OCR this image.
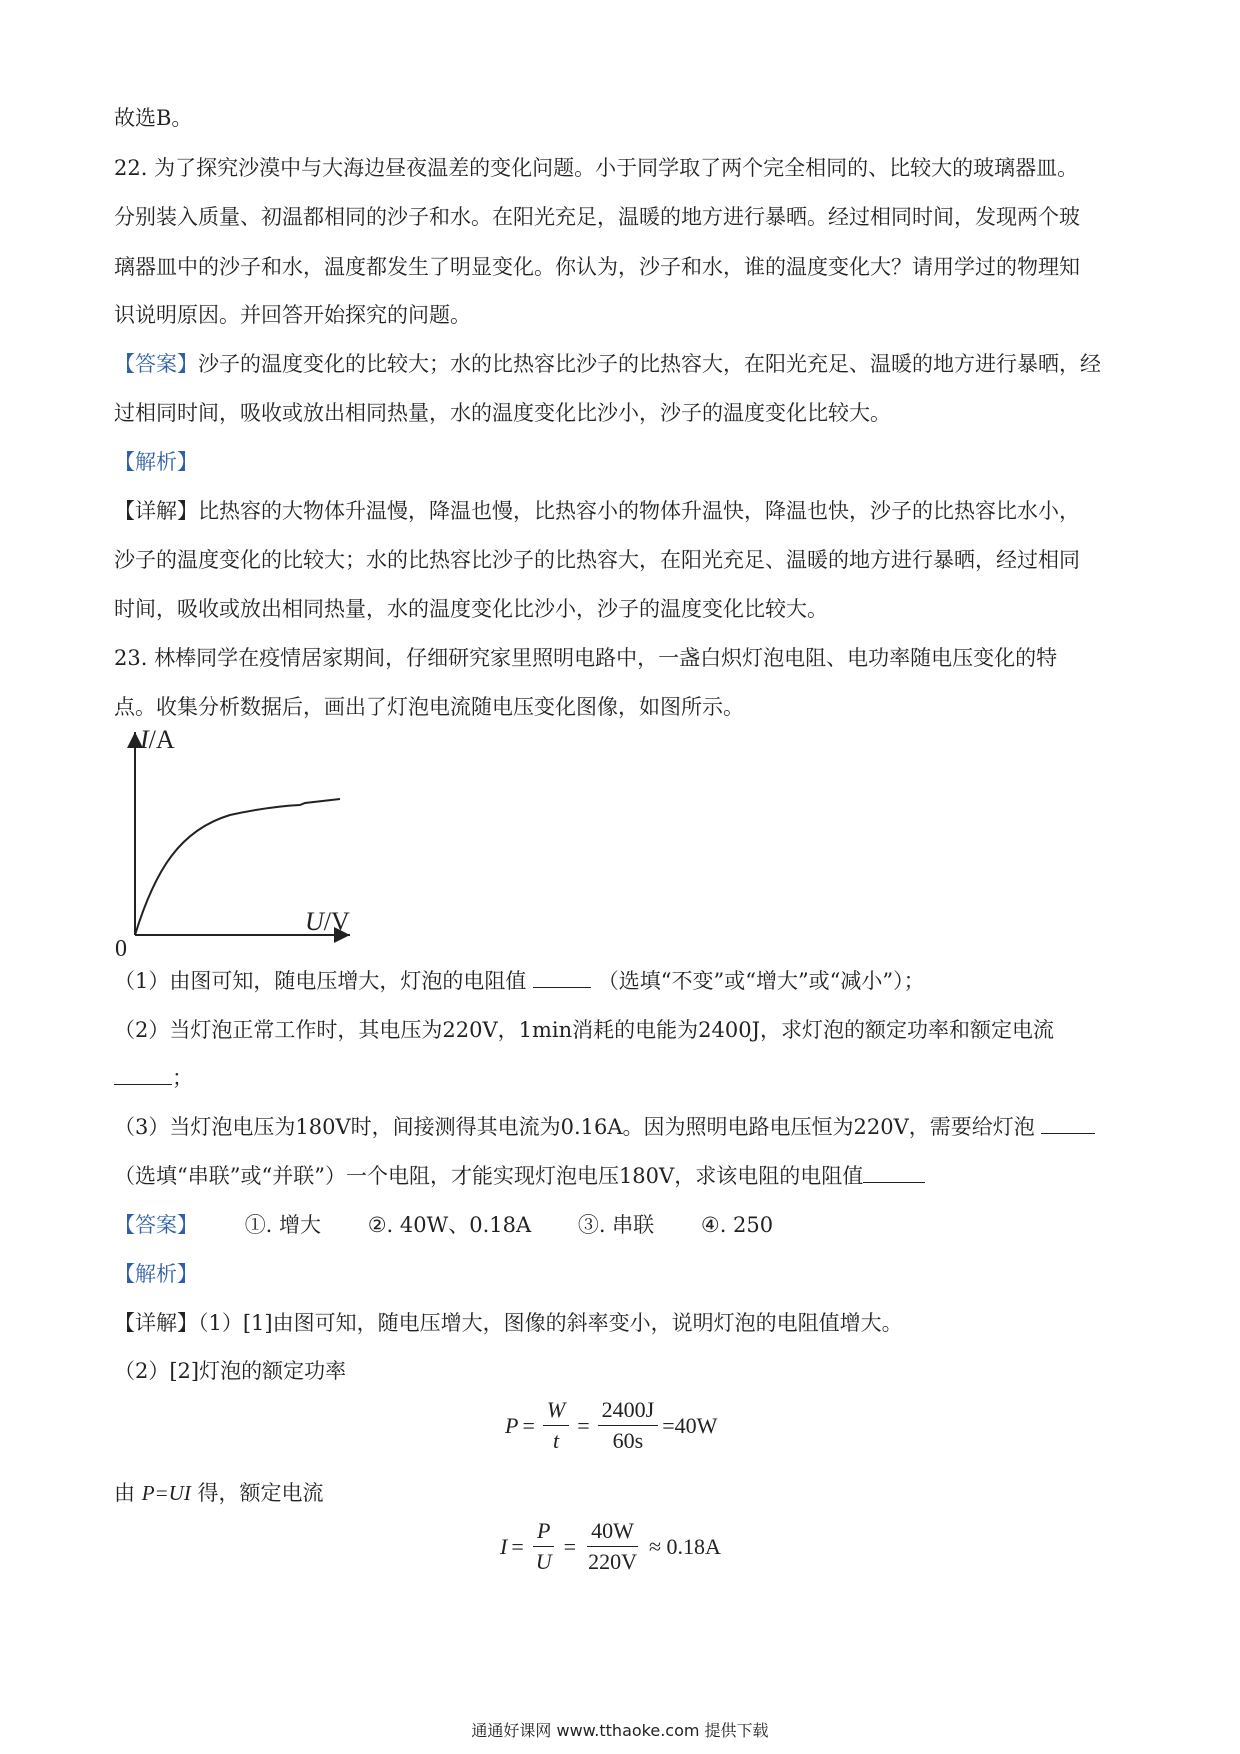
故选B。
22. 为了探究沙漠中与大海边昼夜温差的变化问题。小于同学取了两个完全相同的、比较大的玻璃器皿。
分别装入质量、初温都相同的沙子和水。在阳光充足，温暖的地方进行暴晒。经过相同时间，发现两个玻
璃器皿中的沙子和水，温度都发生了明显变化。你认为，沙子和水，谁的温度变化大？请用学过的物理知
识说明原因。并回答开始探究的问题。
【答案】沙子的温度变化的比较大；水的比热容比沙子的比热容大，在阳光充足、温暖的地方进行暴晒，经
过相同时间，吸收或放出相同热量，水的温度变化比沙小，沙子的温度变化比较大。
【解析】
【详解】比热容的大物体升温慢，降温也慢，比热容小的物体升温快，降温也快，沙子的比热容比水小，
沙子的温度变化的比较大；水的比热容比沙子的比热容大，在阳光充足、温暖的地方进行暴晒，经过相同
时间，吸收或放出相同热量，水的温度变化比沙小，沙子的温度变化比较大。
23. 林棒同学在疫情居家期间，仔细研究家里照明电路中，一盏白炽灯泡电阻、电功率随电压变化的特
点。收集分析数据后，画出了灯泡电流随电压变化图像，如图所示。
I/A
U/V
0
（1）由图可知，随电压增大，灯泡的电阻值	（选填“不变”或“增大”或“减小”）；
（2）当灯泡正常工作时，其电压为220V，1min消耗的电能为2400J，求灯泡的额定功率和额定电流
；
（3）当灯泡电压为180V时，间接测得其电流为0.16A。因为照明电路电压恒为220V，需要给灯泡
（选填“串联”或“并联”）一个电阻，才能实现灯泡电压180V，求该电阻的电阻值
【答案】 ①. 增大 ②. 40W、0.18A ③. 串联 ④. 250
【解析】
【详解】（1）[1]由图可知，随电压增大，图像的斜率变小，说明灯泡的电阻值增大。
（2）[2]灯泡的额定功率
$P = \frac{W}{t} = \frac{2400J}{60s} =40W$
由 P=UI 得，额定电流
$I = \frac{P}{U} = \frac{40W}{220V} \approx 0.18A$
通通好课网 www.tthaoke.com 提供下载
